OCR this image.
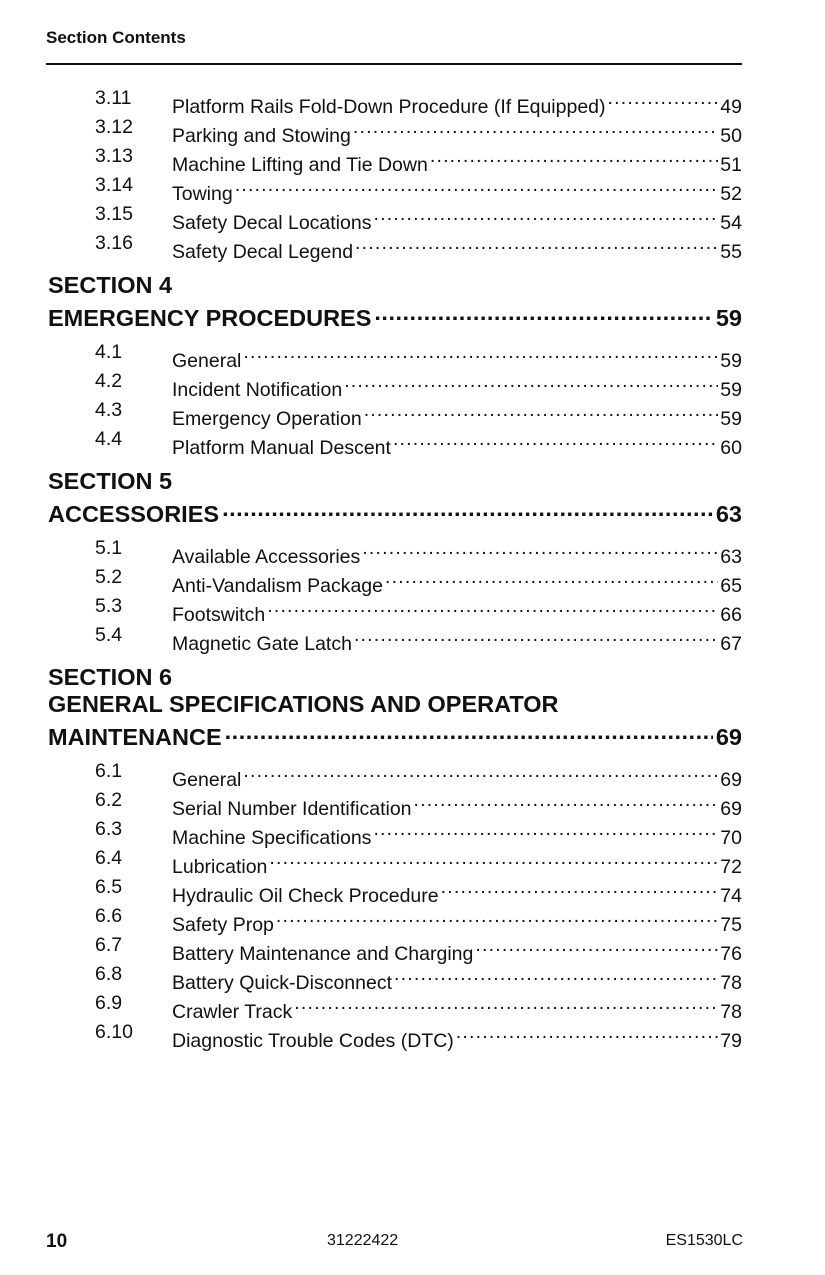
Section Contents
3.11 Platform Rails Fold-Down Procedure (If Equipped) .....	49
3.12 Parking and Stowing .....	50
3.13 Machine Lifting and Tie Down .....	51
3.14 Towing .....	52
3.15 Safety Decal Locations .....	54
3.16 Safety Decal Legend .....	55
SECTION 4
EMERGENCY PROCEDURES .....	59
4.1	General .....	59
4.2	Incident Notification .....	59
4.3	Emergency Operation .....	59
4.4	Platform Manual Descent .....	60
SECTION 5
ACCESSORIES .....	63
5.1	Available Accessories .....	63
5.2	Anti-Vandalism Package .....	65
5.3	Footswitch .....	66
5.4	Magnetic Gate Latch .....	67
SECTION 6
GENERAL SPECIFICATIONS AND OPERATOR
MAINTENANCE .....	69
6.1	General .....	69
6.2	Serial Number Identification .....	69
6.3	Machine Specifications .....	70
6.4	Lubrication .....	72
6.5	Hydraulic Oil Check Procedure .....	74
6.6	Safety Prop .....	75
6.7	Battery Maintenance and Charging .....	76
6.8	Battery Quick-Disconnect .....	78
6.9	Crawler Track .....	78
6.10 Diagnostic Trouble Codes (DTC) .....	79
10	31222422	ES1530LC
